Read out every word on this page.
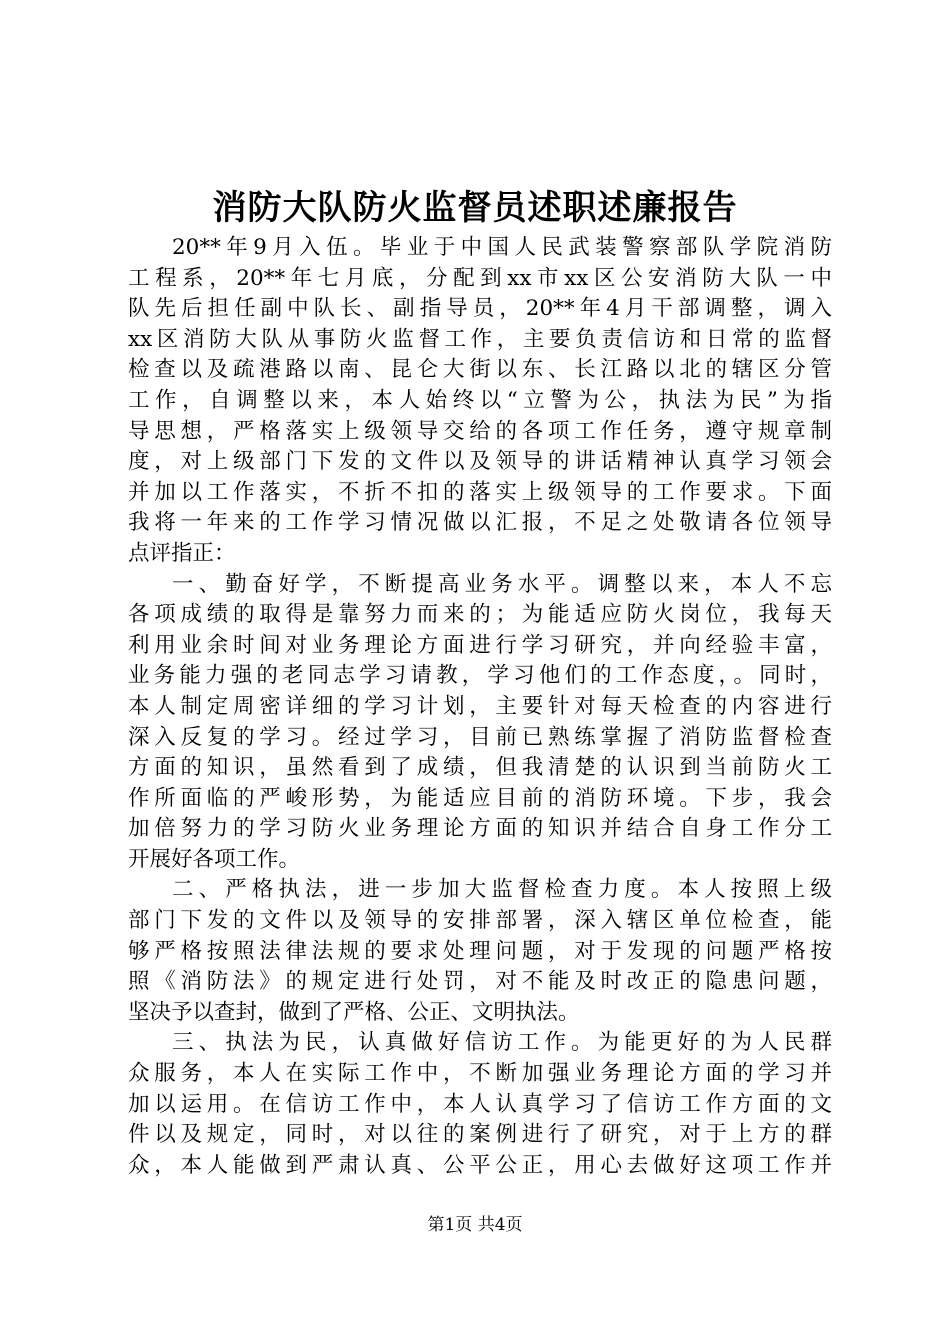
消防大队防火监督员述职述廉报告
20**年9月入伍。毕业于中国人民武装警察部队学院消防
工程系，20**年七月底，分配到xx市xx区公安消防大队一中
队先后担任副中队长、副指导员，20**年4月干部调整，调入
xx区消防大队从事防火监督工作，主要负责信访和日常的监督
检查以及疏港路以南、昆仑大街以东、长江路以北的辖区分管
工作，自调整以来，本人始终以“立警为公，执法为民”为指
导思想，严格落实上级领导交给的各项工作任务，遵守规章制
度，对上级部门下发的文件以及领导的讲话精神认真学习领会
并加以工作落实，不折不扣的落实上级领导的工作要求。下面
我将一年来的工作学习情况做以汇报，不足之处敬请各位领导
点评指正：
一、勤奋好学，不断提高业务水平。调整以来，本人不忘
各项成绩的取得是靠努力而来的；为能适应防火岗位，我每天
利用业余时间对业务理论方面进行学习研究，并向经验丰富，
业务能力强的老同志学习请教，学习他们的工作态度，。同时，
本人制定周密详细的学习计划，主要针对每天检查的内容进行
深入反复的学习。经过学习，目前已熟练掌握了消防监督检查
方面的知识，虽然看到了成绩，但我清楚的认识到当前防火工
作所面临的严峻形势，为能适应目前的消防环境。下步，我会
加倍努力的学习防火业务理论方面的知识并结合自身工作分工
开展好各项工作。
二、严格执法，进一步加大监督检查力度。本人按照上级
部门下发的文件以及领导的安排部署，深入辖区单位检查，能
够严格按照法律法规的要求处理问题，对于发现的问题严格按
照《消防法》的规定进行处罚，对不能及时改正的隐患问题，
坚决予以查封，做到了严格、公正、文明执法。
三、执法为民，认真做好信访工作。为能更好的为人民群
众服务，本人在实际工作中，不断加强业务理论方面的学习并
加以运用。在信访工作中，本人认真学习了信访工作方面的文
件以及规定，同时，对以往的案例进行了研究，对于上方的群
众，本人能做到严肃认真、公平公正，用心去做好这项工作并
第1页 共4页
